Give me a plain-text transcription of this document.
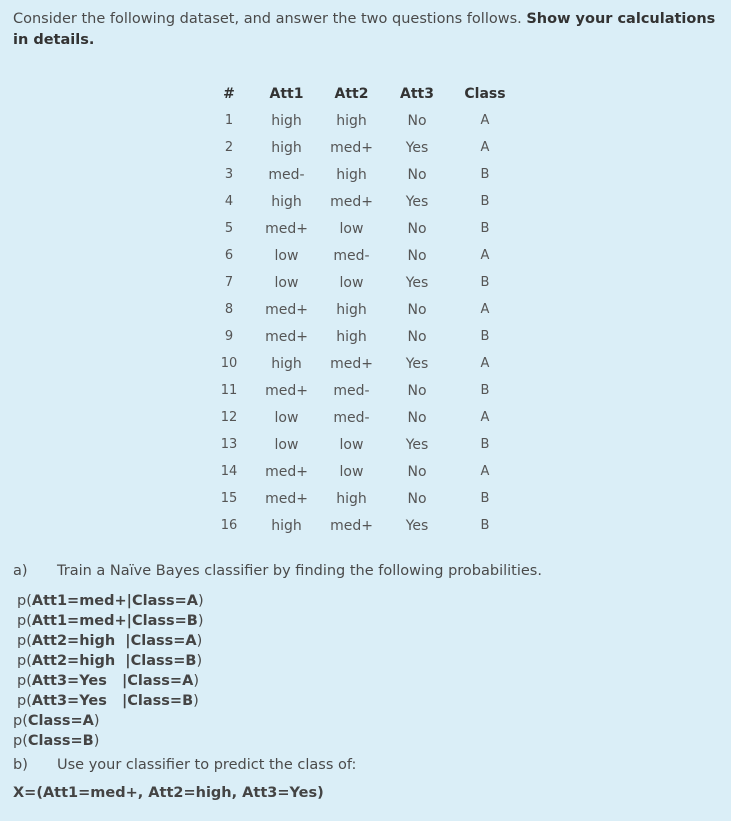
Consider the following dataset, and answer the two questions follows. Show your calculations in details.

#	Att1	Att2	Att3	Class
1	high	high	No	A
2	high	med+	Yes	A
3	med-	high	No	B
4	high	med+	Yes	B
5	med+	low	No	B
6	low	med-	No	A
7	low	low	Yes	B
8	med+	high	No	A
9	med+	high	No	B
10	high	med+	Yes	A
11	med+	med-	No	B
12	low	med-	No	A
13	low	low	Yes	B
14	med+	low	No	A
15	med+	high	No	B
16	high	med+	Yes	B

a) Train a Naïve Bayes classifier by finding the following probabilities.

p(Att1=med+|Class=A)
p(Att1=med+|Class=B)
p(Att2=high  |Class=A)
p(Att2=high  |Class=B)
p(Att3=Yes   |Class=A)
p(Att3=Yes   |Class=B)
p(Class=A)
p(Class=B)

b) Use your classifier to predict the class of:

X=(Att1=med+, Att2=high, Att3=Yes)
